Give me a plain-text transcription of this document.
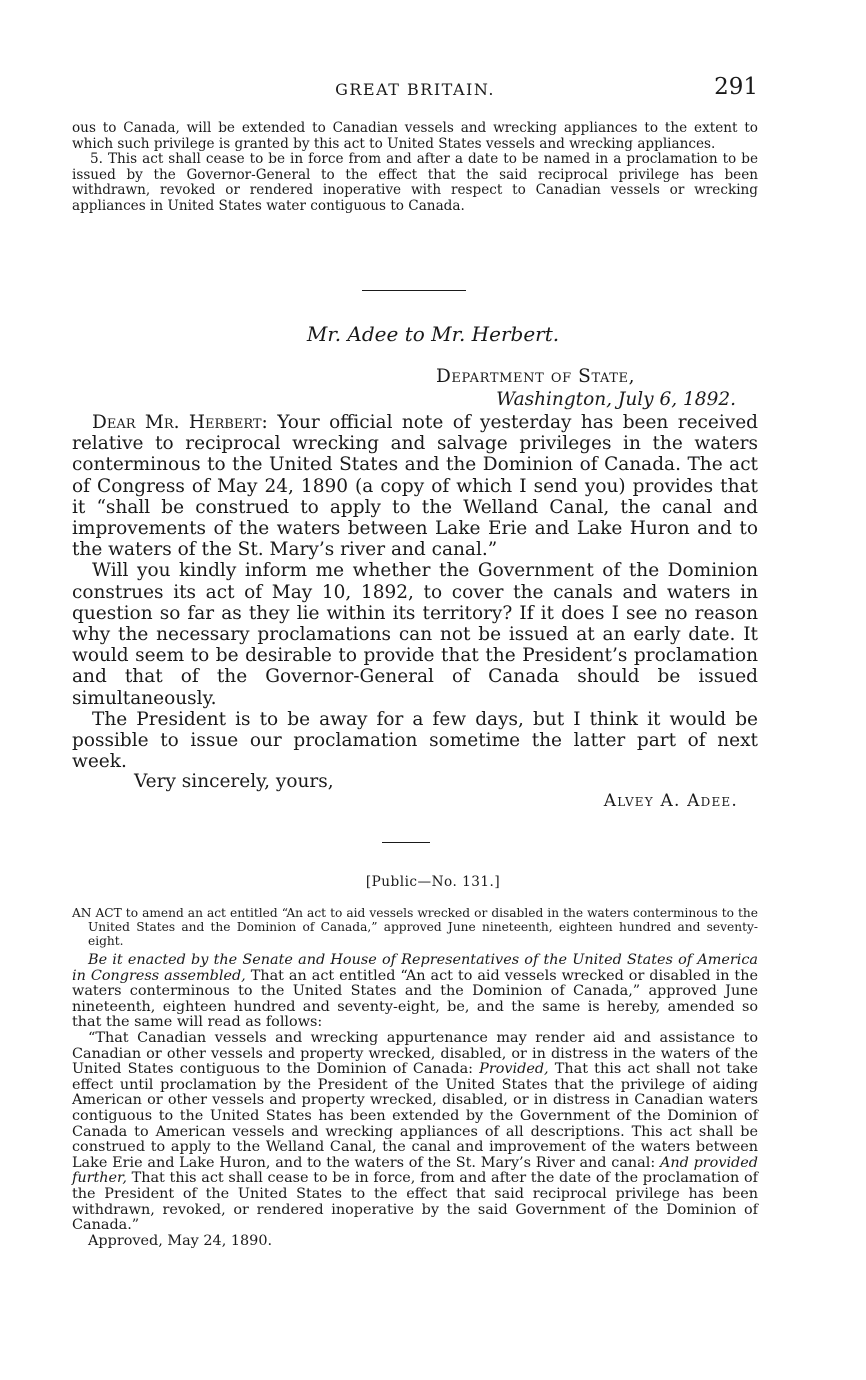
GREAT BRITAIN.	291

ous to Canada, will be extended to Canadian vessels and wrecking appliances to the extent to which such privilege is granted by this act to United States vessels and wrecking appliances.

5. This act shall cease to be in force from and after a date to be named in a proclamation to be issued by the Governor-General to the effect that the said reciprocal privilege has been withdrawn, revoked or rendered inoperative with respect to Canadian vessels or wrecking appliances in United States water contiguous to Canada.

Mr. Adee to Mr. Herbert.
Department of State,
Washington, July 6, 1892.

Dear Mr. Herbert: Your official note of yesterday has been received relative to reciprocal wrecking and salvage privileges in the waters conterminous to the United States and the Dominion of Canada. The act of Congress of May 24, 1890 (a copy of which I send you) provides that it “shall be construed to apply to the Welland Canal, the canal and improvements of the waters between Lake Erie and Lake Huron and to the waters of the St. Mary’s river and canal.”

Will you kindly inform me whether the Government of the Dominion construes its act of May 10, 1892, to cover the canals and waters in question so far as they lie within its territory? If it does I see no reason why the necessary proclamations can not be issued at an early date. It would seem to be desirable to provide that the President’s proclamation and that of the Governor-General of Canada should be issued simultaneously.

The President is to be away for a few days, but I think it would be possible to issue our proclamation sometime the latter part of next week.

Very sincerely, yours,
Alvey A. Adee.
[Public—No. 131.]

AN ACT to amend an act entitled “An act to aid vessels wrecked or disabled in the waters conterminous to the United States and the Dominion of Canada,” approved June nineteenth, eighteen hundred and seventy-eight.

Be it enacted by the Senate and House of Representatives of the United States of America in Congress assembled, That an act entitled “An act to aid vessels wrecked or disabled in the waters conterminous to the United States and the Dominion of Canada,” approved June nineteenth, eighteen hundred and seventy-eight, be, and the same is hereby, amended so that the same will read as follows:

“That Canadian vessels and wrecking appurtenance may render aid and assistance to Canadian or other vessels and property wrecked, disabled, or in distress in the waters of the United States contiguous to the Dominion of Canada: Provided, That this act shall not take effect until proclamation by the President of the United States that the privilege of aiding American or other vessels and property wrecked, disabled, or in distress in Canadian waters contiguous to the United States has been extended by the Government of the Dominion of Canada to American vessels and wrecking appliances of all descriptions. This act shall be construed to apply to the Welland Canal, the canal and improvement of the waters between Lake Erie and Lake Huron, and to the waters of the St. Mary’s River and canal: And provided further, That this act shall cease to be in force, from and after the date of the proclamation of the President of the United States to the effect that said reciprocal privilege has been withdrawn, revoked, or rendered inoperative by the said Government of the Dominion of Canada.”

Approved, May 24, 1890.
